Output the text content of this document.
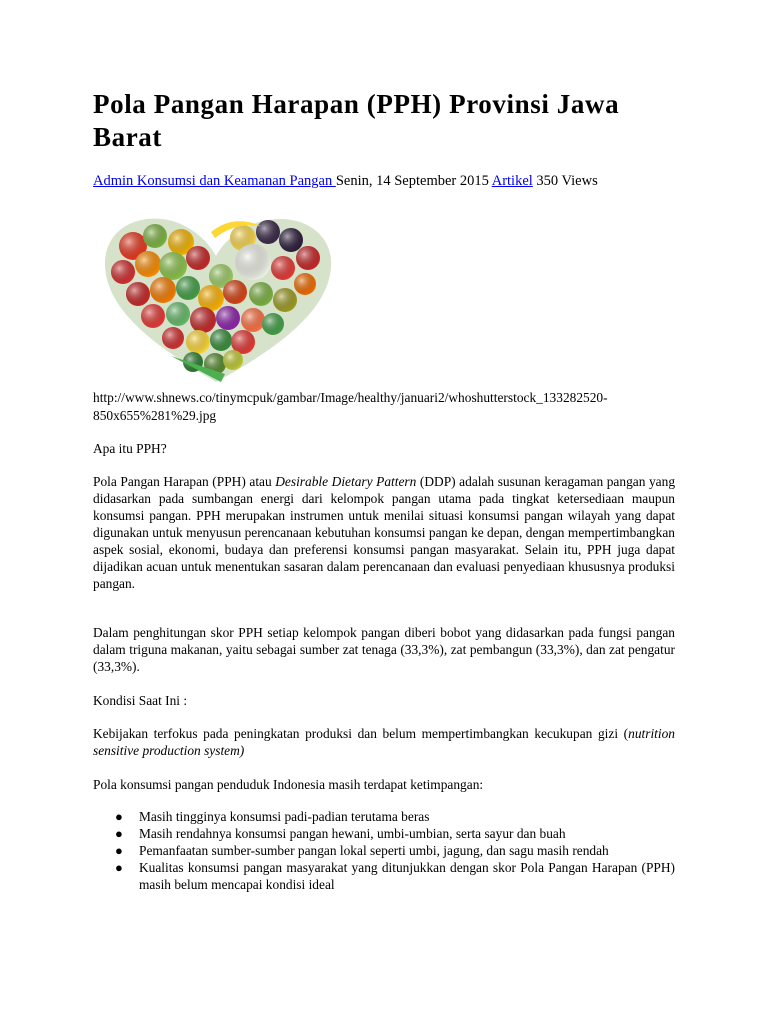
Pola Pangan Harapan (PPH) Provinsi Jawa Barat
Admin Konsumsi dan Keamanan Pangan Senin, 14 September 2015 Artikel 350 Views
http://www.shnews.co/tinymcpuk/gambar/Image/healthy/januari2/whoshutterstock_133282520-850x655%281%29.jpg

Apa itu PPH?

Pola Pangan Harapan (PPH) atau Desirable Dietary Pattern (DDP) adalah susunan keragaman pangan yang didasarkan pada sumbangan energi dari kelompok pangan utama pada tingkat ketersediaan maupun konsumsi pangan. PPH merupakan instrumen untuk menilai situasi konsumsi pangan wilayah yang dapat digunakan untuk menyusun perencanaan kebutuhan konsumsi pangan ke depan, dengan mempertimbangkan aspek sosial, ekonomi, budaya dan preferensi konsumsi pangan masyarakat. Selain itu, PPH juga dapat dijadikan acuan untuk menentukan sasaran dalam perencanaan dan evaluasi penyediaan khususnya produksi pangan.

Dalam penghitungan skor PPH setiap kelompok pangan diberi bobot yang didasarkan pada fungsi pangan dalam triguna makanan, yaitu sebagai sumber zat tenaga (33,3%), zat pembangun (33,3%), dan zat pengatur (33,3%).

Kondisi Saat Ini :

Kebijakan terfokus pada peningkatan produksi dan belum mempertimbangkan kecukupan gizi (nutrition sensitive production system)

Pola konsumsi pangan penduduk Indonesia masih terdapat ketimpangan:

● Masih tingginya konsumsi padi-padian terutama beras
● Masih rendahnya konsumsi pangan hewani, umbi-umbian, serta sayur dan buah
● Pemanfaatan sumber-sumber pangan lokal seperti umbi, jagung, dan sagu masih rendah
● Kualitas konsumsi pangan masyarakat yang ditunjukkan dengan skor Pola Pangan Harapan (PPH) masih belum mencapai kondisi ideal
